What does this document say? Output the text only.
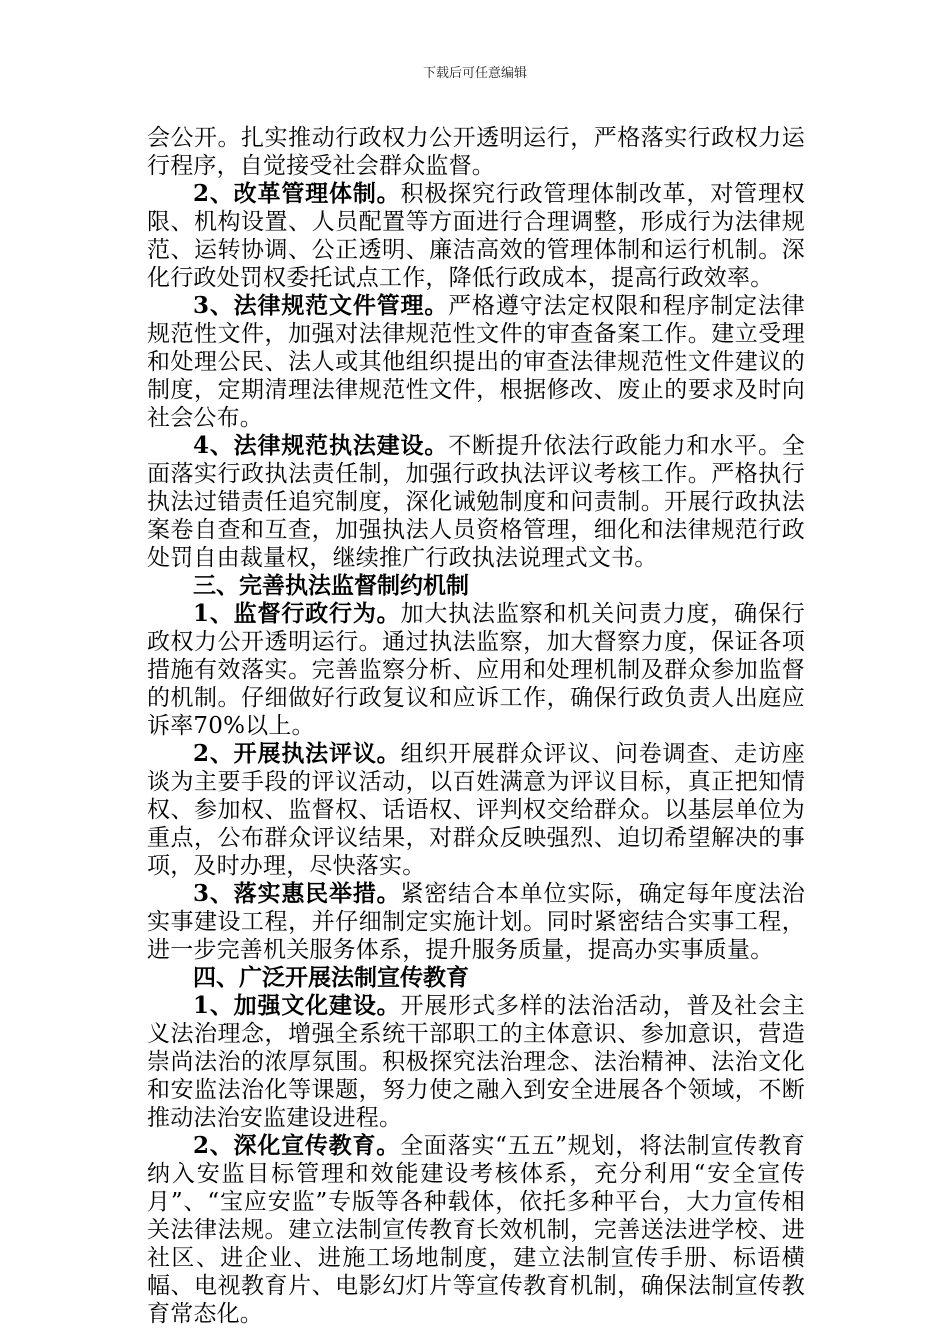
下载后可任意编辑

会公开。扎实推动行政权力公开透明运行，严格落实行政权力运行程序，自觉接受社会群众监督。

2、改革管理体制。积极探究行政管理体制改革，对管理权限、机构设置、人员配置等方面进行合理调整，形成行为法律规范、运转协调、公正透明、廉洁高效的管理体制和运行机制。深化行政处罚权委托试点工作，降低行政成本，提高行政效率。

3、法律规范文件管理。严格遵守法定权限和程序制定法律规范性文件，加强对法律规范性文件的审查备案工作。建立受理和处理公民、法人或其他组织提出的审查法律规范性文件建议的制度，定期清理法律规范性文件，根据修改、废止的要求及时向社会公布。

4、法律规范执法建设。不断提升依法行政能力和水平。全面落实行政执法责任制，加强行政执法评议考核工作。严格执行执法过错责任追究制度，深化诫勉制度和问责制。开展行政执法案卷自查和互查，加强执法人员资格管理，细化和法律规范行政处罚自由裁量权，继续推广行政执法说理式文书。

三、完善执法监督制约机制

1、监督行政行为。加大执法监察和机关问责力度，确保行政权力公开透明运行。通过执法监察，加大督察力度，保证各项措施有效落实。完善监察分析、应用和处理机制及群众参加监督的机制。仔细做好行政复议和应诉工作，确保行政负责人出庭应诉率70%以上。

2、开展执法评议。组织开展群众评议、问卷调查、走访座谈为主要手段的评议活动，以百姓满意为评议目标，真正把知情权、参加权、监督权、话语权、评判权交给群众。以基层单位为重点，公布群众评议结果，对群众反映强烈、迫切希望解决的事项，及时办理，尽快落实。

3、落实惠民举措。紧密结合本单位实际，确定每年度法治实事建设工程，并仔细制定实施计划。同时紧密结合实事工程，进一步完善机关服务体系，提升服务质量，提高办实事质量。

四、广泛开展法制宣传教育

1、加强文化建设。开展形式多样的法治活动，普及社会主义法治理念，增强全系统干部职工的主体意识、参加意识，营造崇尚法治的浓厚氛围。积极探究法治理念、法治精神、法治文化和安监法治化等课题，努力使之融入到安全进展各个领域，不断推动法治安监建设进程。

2、深化宣传教育。全面落实“五五”规划，将法制宣传教育纳入安监目标管理和效能建设考核体系，充分利用“安全宣传月”、“宝应安监”专版等各种载体，依托多种平台，大力宣传相关法律法规。建立法制宣传教育长效机制，完善送法进学校、进社区、进企业、进施工场地制度，建立法制宣传手册、标语横幅、电视教育片、电影幻灯片等宣传教育机制，确保法制宣传教育常态化。
